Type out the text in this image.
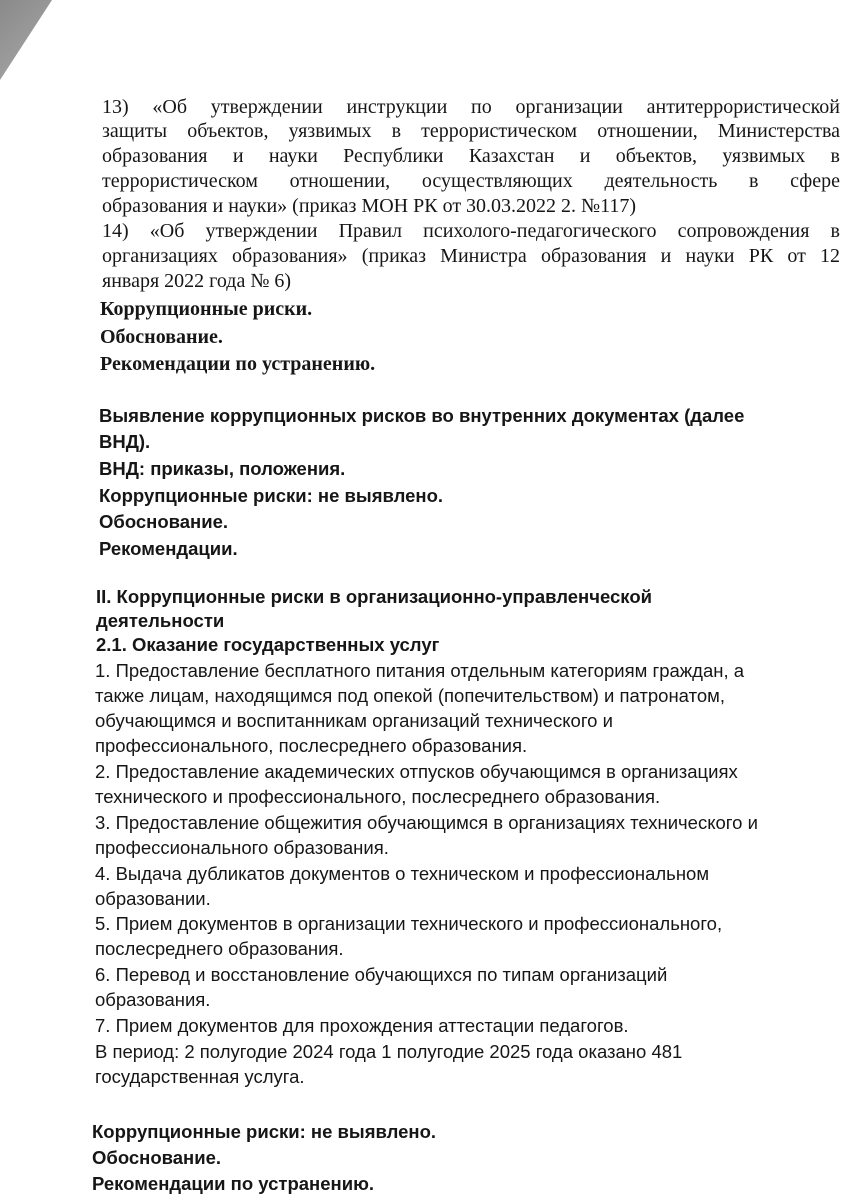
13) «Об утверждении инструкции по организации антитеррористической

защиты объектов, уязвимых в террористическом отношении, Министерства

образования и науки Республики Казахстан и объектов, уязвимых в

террористическом отношении, осуществляющих деятельность в сфере

образования и науки» (приказ МОН РК от 30.03.2022 2. №117)

14) «Об утверждении Правил психолого-педагогического сопровождения в

организациях образования» (приказ Министра образования и науки РК от 12

января 2022 года № 6)

Коррупционные риски.

Обоснование.

Рекомендации по устранению.

Выявление коррупционных рисков во внутренних документах (далее

ВНД).

ВНД: приказы, положения.

Коррупционные риски: не выявлено.

Обоснование.

Рекомендации.

II. Коррупционные риски в организационно-управленческой

деятельности

2.1. Оказание государственных услуг

1. Предоставление бесплатного питания отдельным категориям граждан, а

также лицам, находящимся под опекой (попечительством) и патронатом,

обучающимся и воспитанникам организаций технического и

профессионального, послесреднего образования.

2. Предоставление академических отпусков обучающимся в организациях

технического и профессионального, послесреднего образования.

3. Предоставление общежития обучающимся в организациях технического и

профессионального образования.

4. Выдача дубликатов документов о техническом и профессиональном

образовании.

5. Прием документов в организации технического и профессионального,

послесреднего образования.

6. Перевод и восстановление обучающихся по типам организаций

образования.

7. Прием документов для прохождения аттестации педагогов.

В период: 2 полугодие 2024 года 1 полугодие 2025 года оказано 481

государственная услуга.

Коррупционные риски: не выявлено.

Обоснование.

Рекомендации по устранению.
